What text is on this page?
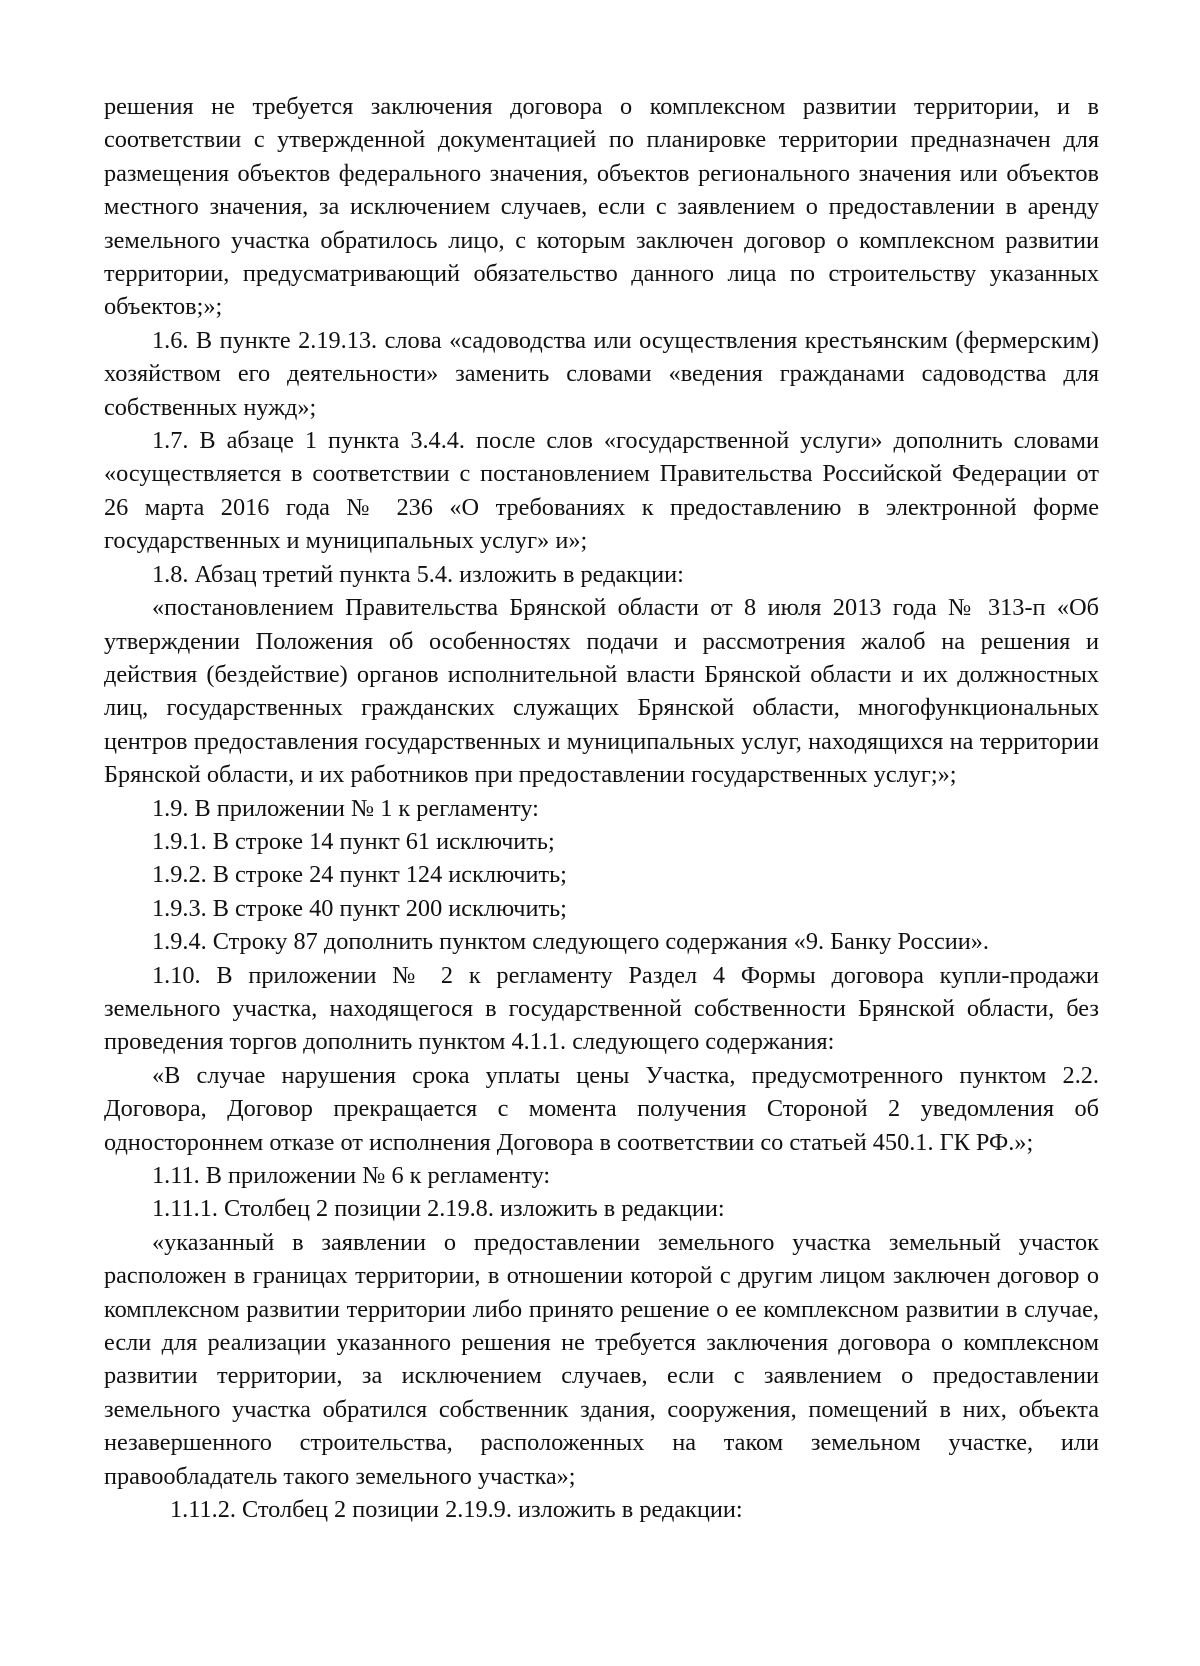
решения не требуется заключения договора о комплексном развитии территории, и в соответствии с утвержденной документацией по планировке территории предназначен для размещения объектов федерального значения, объектов регионального значения или объектов местного значения, за исключением случаев, если с заявлением о предоставлении в аренду земельного участка обратилось лицо, с которым заключен договор о комплексном развитии территории, предусматривающий обязательство данного лица по строительству указанных объектов;»;

1.6. В пункте 2.19.13. слова «садоводства или осуществления крестьянским (фермерским) хозяйством его деятельности» заменить словами «ведения гражданами садоводства для собственных нужд»;

1.7. В абзаце 1 пункта 3.4.4. после слов «государственной услуги» дополнить словами «осуществляется в соответствии с постановлением Правительства Российской Федерации от 26 марта 2016 года № 236 «О требованиях к предоставлению в электронной форме государственных и муниципальных услуг» и»;

1.8. Абзац третий пункта 5.4. изложить в редакции:

«постановлением Правительства Брянской области от 8 июля 2013 года № 313-п «Об утверждении Положения об особенностях подачи и рассмотрения жалоб на решения и действия (бездействие) органов исполнительной власти Брянской области и их должностных лиц, государственных гражданских служащих Брянской области, многофункциональных центров предоставления государственных и муниципальных услуг, находящихся на территории Брянской области, и их работников при предоставлении государственных услуг;»;

1.9. В приложении № 1 к регламенту:

1.9.1. В строке 14 пункт 61 исключить;

1.9.2. В строке 24 пункт 124 исключить;

1.9.3. В строке 40 пункт 200 исключить;

1.9.4. Строку 87 дополнить пунктом следующего содержания «9. Банку России».

1.10. В приложении № 2 к регламенту Раздел 4 Формы договора купли-продажи земельного участка, находящегося в государственной собственности Брянской области, без проведения торгов дополнить пунктом 4.1.1. следующего содержания:

«В случае нарушения срока уплаты цены Участка, предусмотренного пунктом 2.2. Договора, Договор прекращается с момента получения Стороной 2 уведомления об одностороннем отказе от исполнения Договора в соответствии со статьей 450.1. ГК РФ.»;

1.11. В приложении № 6 к регламенту:

1.11.1. Столбец 2 позиции 2.19.8. изложить в редакции:

«указанный в заявлении о предоставлении земельного участка земельный участок расположен в границах территории, в отношении которой с другим лицом заключен договор о комплексном развитии территории либо принято решение о ее комплексном развитии в случае, если для реализации указанного решения не требуется заключения договора о комплексном развитии территории, за исключением случаев, если с заявлением о предоставлении земельного участка обратился собственник здания, сооружения, помещений в них, объекта незавершенного строительства, расположенных на таком земельном участке, или правообладатель такого земельного участка»;

1.11.2. Столбец 2 позиции 2.19.9. изложить в редакции:
